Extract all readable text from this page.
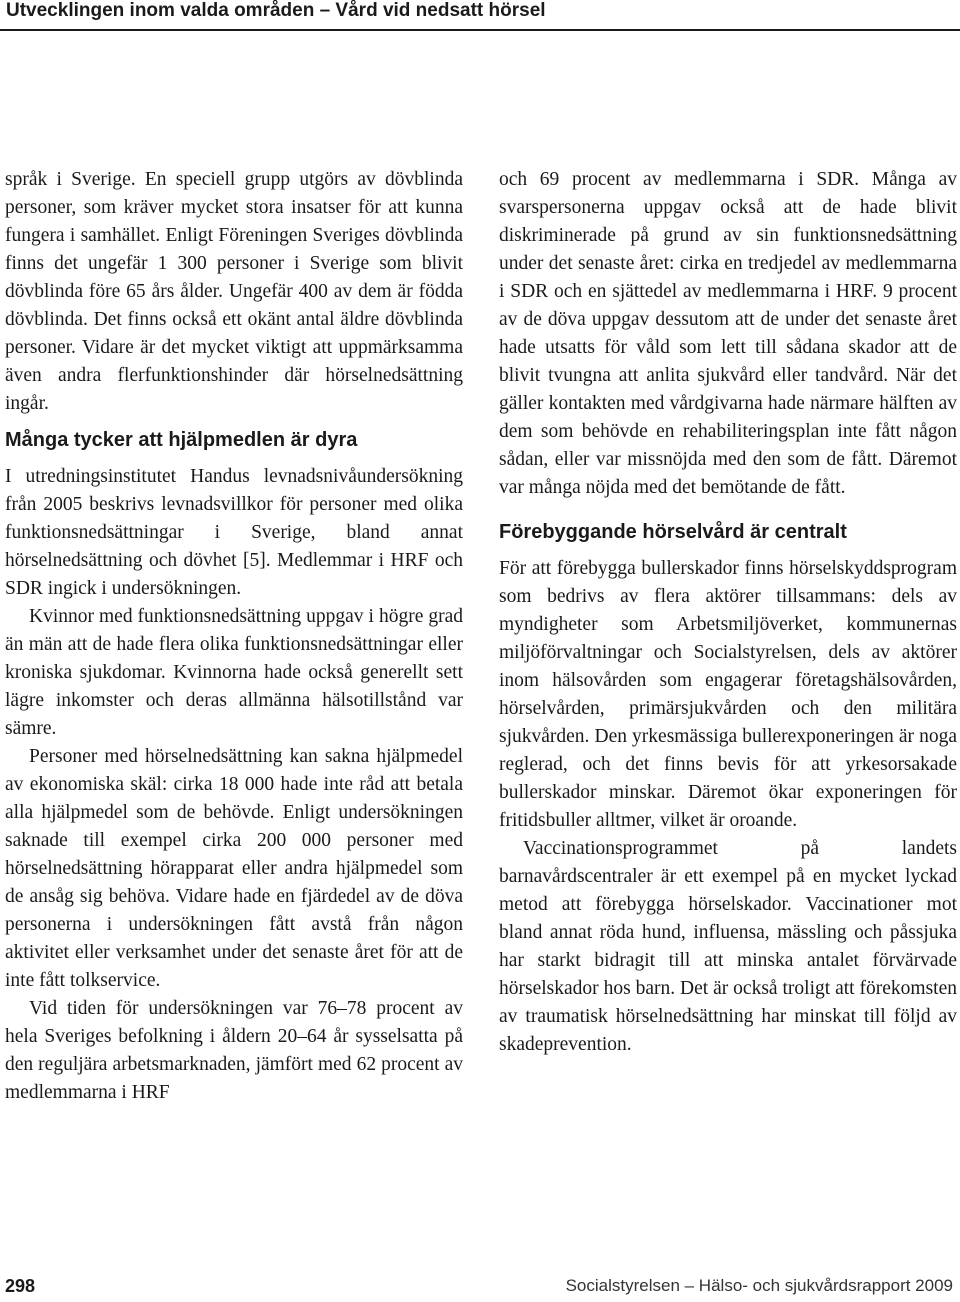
Utvecklingen inom valda områden – Vård vid nedsatt hörsel

språk i Sverige. En speciell grupp utgörs av dövblinda personer, som kräver mycket stora insatser för att kunna fungera i samhället. Enligt Föreningen Sveriges dövblinda finns det ungefär 1 300 personer i Sverige som blivit dövblinda före 65 års ålder. Ungefär 400 av dem är födda dövblinda. Det finns också ett okänt antal äldre dövblinda personer. Vidare är det mycket viktigt att uppmärksamma även andra flerfunktionshinder där hörselnedsättning ingår.

Många tycker att hjälpmedlen är dyra

I utredningsinstitutet Handus levnadsnivåundersökning från 2005 beskrivs levnadsvillkor för personer med olika funktionsnedsättningar i Sverige, bland annat hörselnedsättning och dövhet [5]. Medlemmar i HRF och SDR ingick i undersökningen.

Kvinnor med funktionsnedsättning uppgav i högre grad än män att de hade flera olika funktionsnedsättningar eller kroniska sjukdomar. Kvinnorna hade också generellt sett lägre inkomster och deras allmänna hälsotillstånd var sämre.

Personer med hörselnedsättning kan sakna hjälpmedel av ekonomiska skäl: cirka 18 000 hade inte råd att betala alla hjälpmedel som de behövde. Enligt undersökningen saknade till exempel cirka 200 000 personer med hörselnedsättning hörapparat eller andra hjälpmedel som de ansåg sig behöva. Vidare hade en fjärdedel av de döva personerna i undersökningen fått avstå från någon aktivitet eller verksamhet under det senaste året för att de inte fått tolkservice.

Vid tiden för undersökningen var 76–78 procent av hela Sveriges befolkning i åldern 20–64 år sysselsatta på den reguljära arbetsmarknaden, jämfört med 62 procent av medlemmarna i HRF

och 69 procent av medlemmarna i SDR. Många av svarspersonerna uppgav också att de hade blivit diskriminerade på grund av sin funktionsnedsättning under det senaste året: cirka en tredjedel av medlemmarna i SDR och en sjättedel av medlemmarna i HRF. 9 procent av de döva uppgav dessutom att de under det senaste året hade utsatts för våld som lett till sådana skador att de blivit tvungna att anlita sjukvård eller tandvård. När det gäller kontakten med vårdgivarna hade närmare hälften av dem som behövde en rehabiliteringsplan inte fått någon sådan, eller var missnöjda med den som de fått. Däremot var många nöjda med det bemötande de fått.

Förebyggande hörselvård är centralt

För att förebygga bullerskador finns hörselskyddsprogram som bedrivs av flera aktörer tillsammans: dels av myndigheter som Arbetsmiljöverket, kommunernas miljöförvaltningar och Socialstyrelsen, dels av aktörer inom hälsovården som engagerar företagshälsovården, hörselvården, primärsjukvården och den militära sjukvården. Den yrkesmässiga bullerexponeringen är noga reglerad, och det finns bevis för att yrkesorsakade bullerskador minskar. Däremot ökar exponeringen för fritidsbuller alltmer, vilket är oroande.

Vaccinationsprogrammet på landets barnavårdscentraler är ett exempel på en mycket lyckad metod att förebygga hörselskador. Vaccinationer mot bland annat röda hund, influensa, mässling och påssjuka har starkt bidragit till att minska antalet förvärvade hörselskador hos barn. Det är också troligt att förekomsten av traumatisk hörselnedsättning har minskat till följd av skadeprevention.

298	Socialstyrelsen – Hälso- och sjukvårdsrapport 2009
